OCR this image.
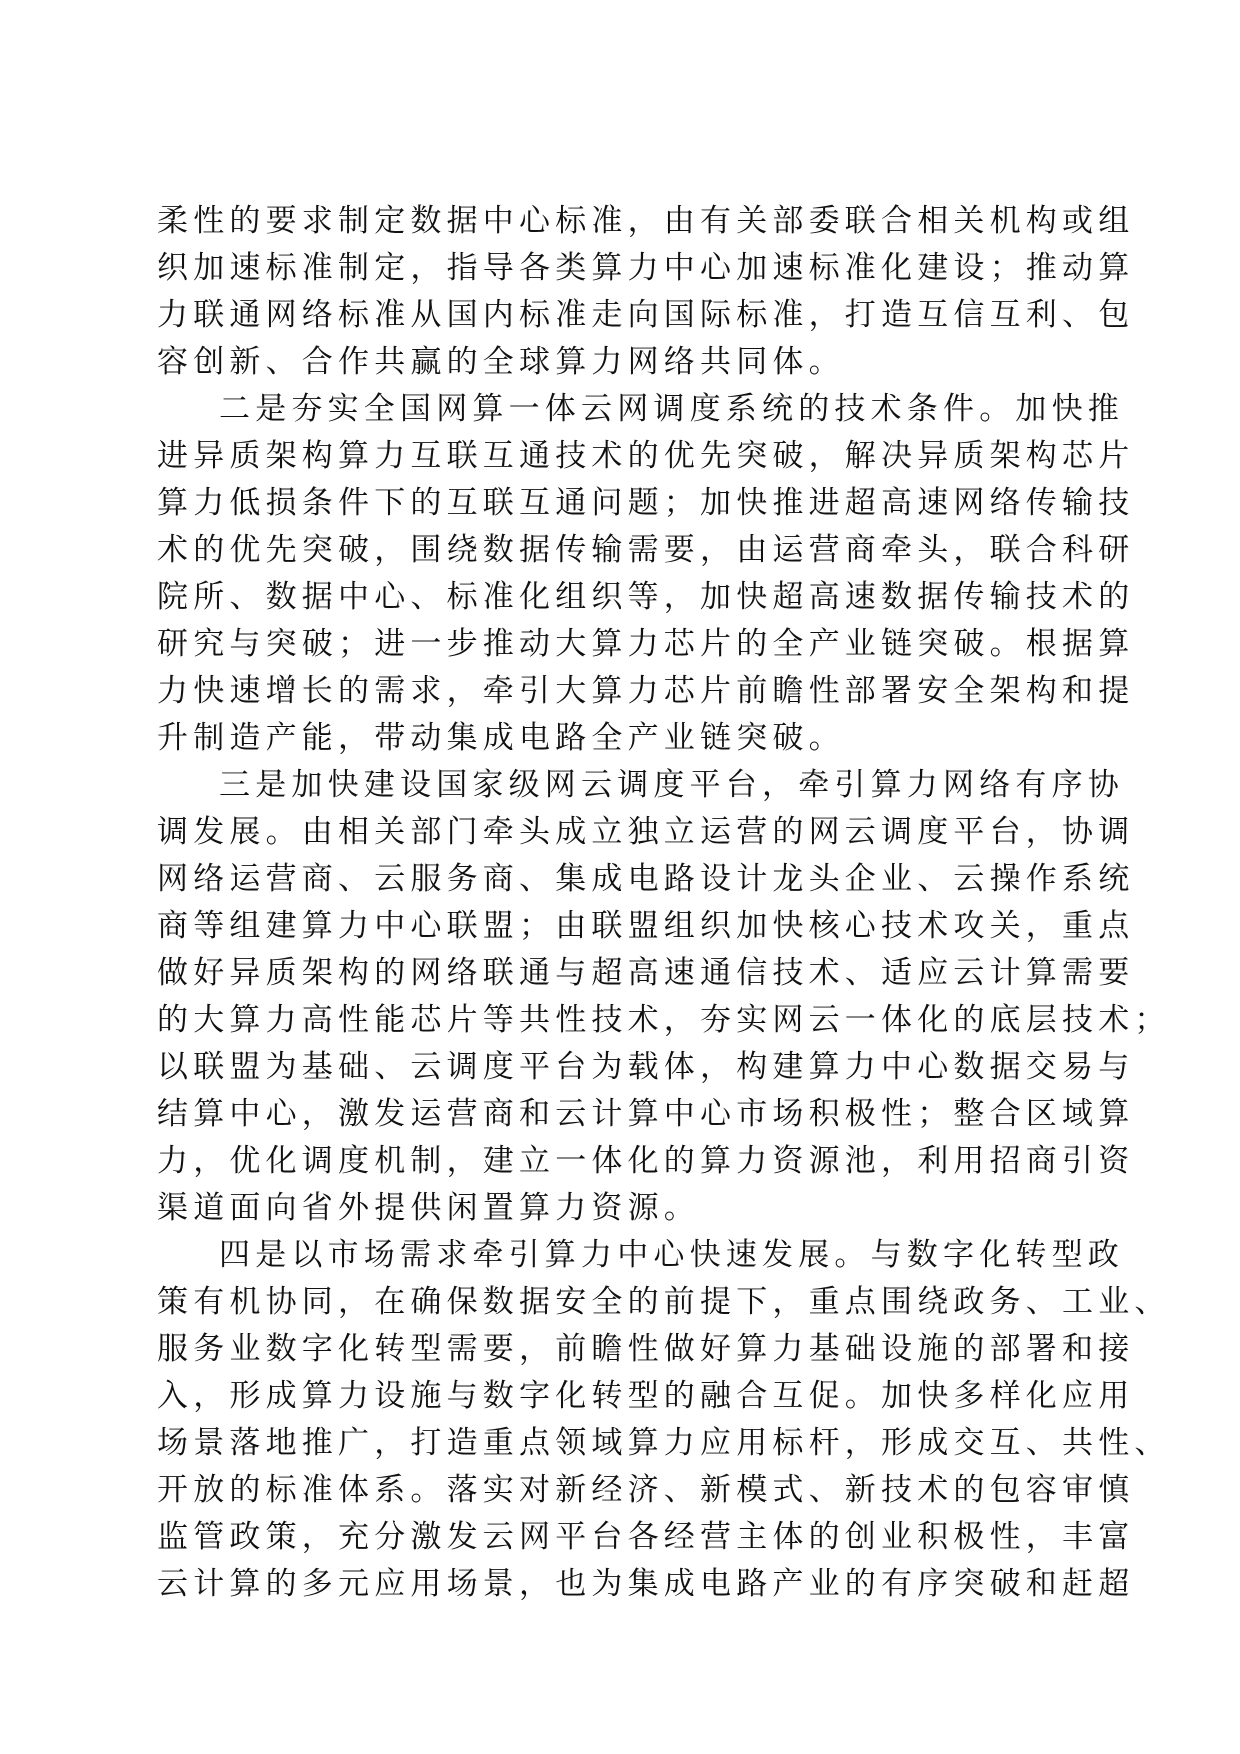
柔性的要求制定数据中心标准，由有关部委联合相关机构或组
织加速标准制定，指导各类算力中心加速标准化建设；推动算
力联通网络标准从国内标准走向国际标准，打造互信互利、包
容创新、合作共赢的全球算力网络共同体。
二是夯实全国网算一体云网调度系统的技术条件。加快推
进异质架构算力互联互通技术的优先突破，解决异质架构芯片
算力低损条件下的互联互通问题；加快推进超高速网络传输技
术的优先突破，围绕数据传输需要，由运营商牵头，联合科研
院所、数据中心、标准化组织等，加快超高速数据传输技术的
研究与突破；进一步推动大算力芯片的全产业链突破。根据算
力快速增长的需求，牵引大算力芯片前瞻性部署安全架构和提
升制造产能，带动集成电路全产业链突破。
三是加快建设国家级网云调度平台，牵引算力网络有序协
调发展。由相关部门牵头成立独立运营的网云调度平台，协调
网络运营商、云服务商、集成电路设计龙头企业、云操作系统
商等组建算力中心联盟；由联盟组织加快核心技术攻关，重点
做好异质架构的网络联通与超高速通信技术、适应云计算需要
的大算力高性能芯片等共性技术，夯实网云一体化的底层技术；
以联盟为基础、云调度平台为载体，构建算力中心数据交易与
结算中心，激发运营商和云计算中心市场积极性；整合区域算
力，优化调度机制，建立一体化的算力资源池，利用招商引资
渠道面向省外提供闲置算力资源。
四是以市场需求牵引算力中心快速发展。与数字化转型政
策有机协同，在确保数据安全的前提下，重点围绕政务、工业、
服务业数字化转型需要，前瞻性做好算力基础设施的部署和接
入，形成算力设施与数字化转型的融合互促。加快多样化应用
场景落地推广，打造重点领域算力应用标杆，形成交互、共性、
开放的标准体系。落实对新经济、新模式、新技术的包容审慎
监管政策，充分激发云网平台各经营主体的创业积极性，丰富
云计算的多元应用场景，也为集成电路产业的有序突破和赶超
